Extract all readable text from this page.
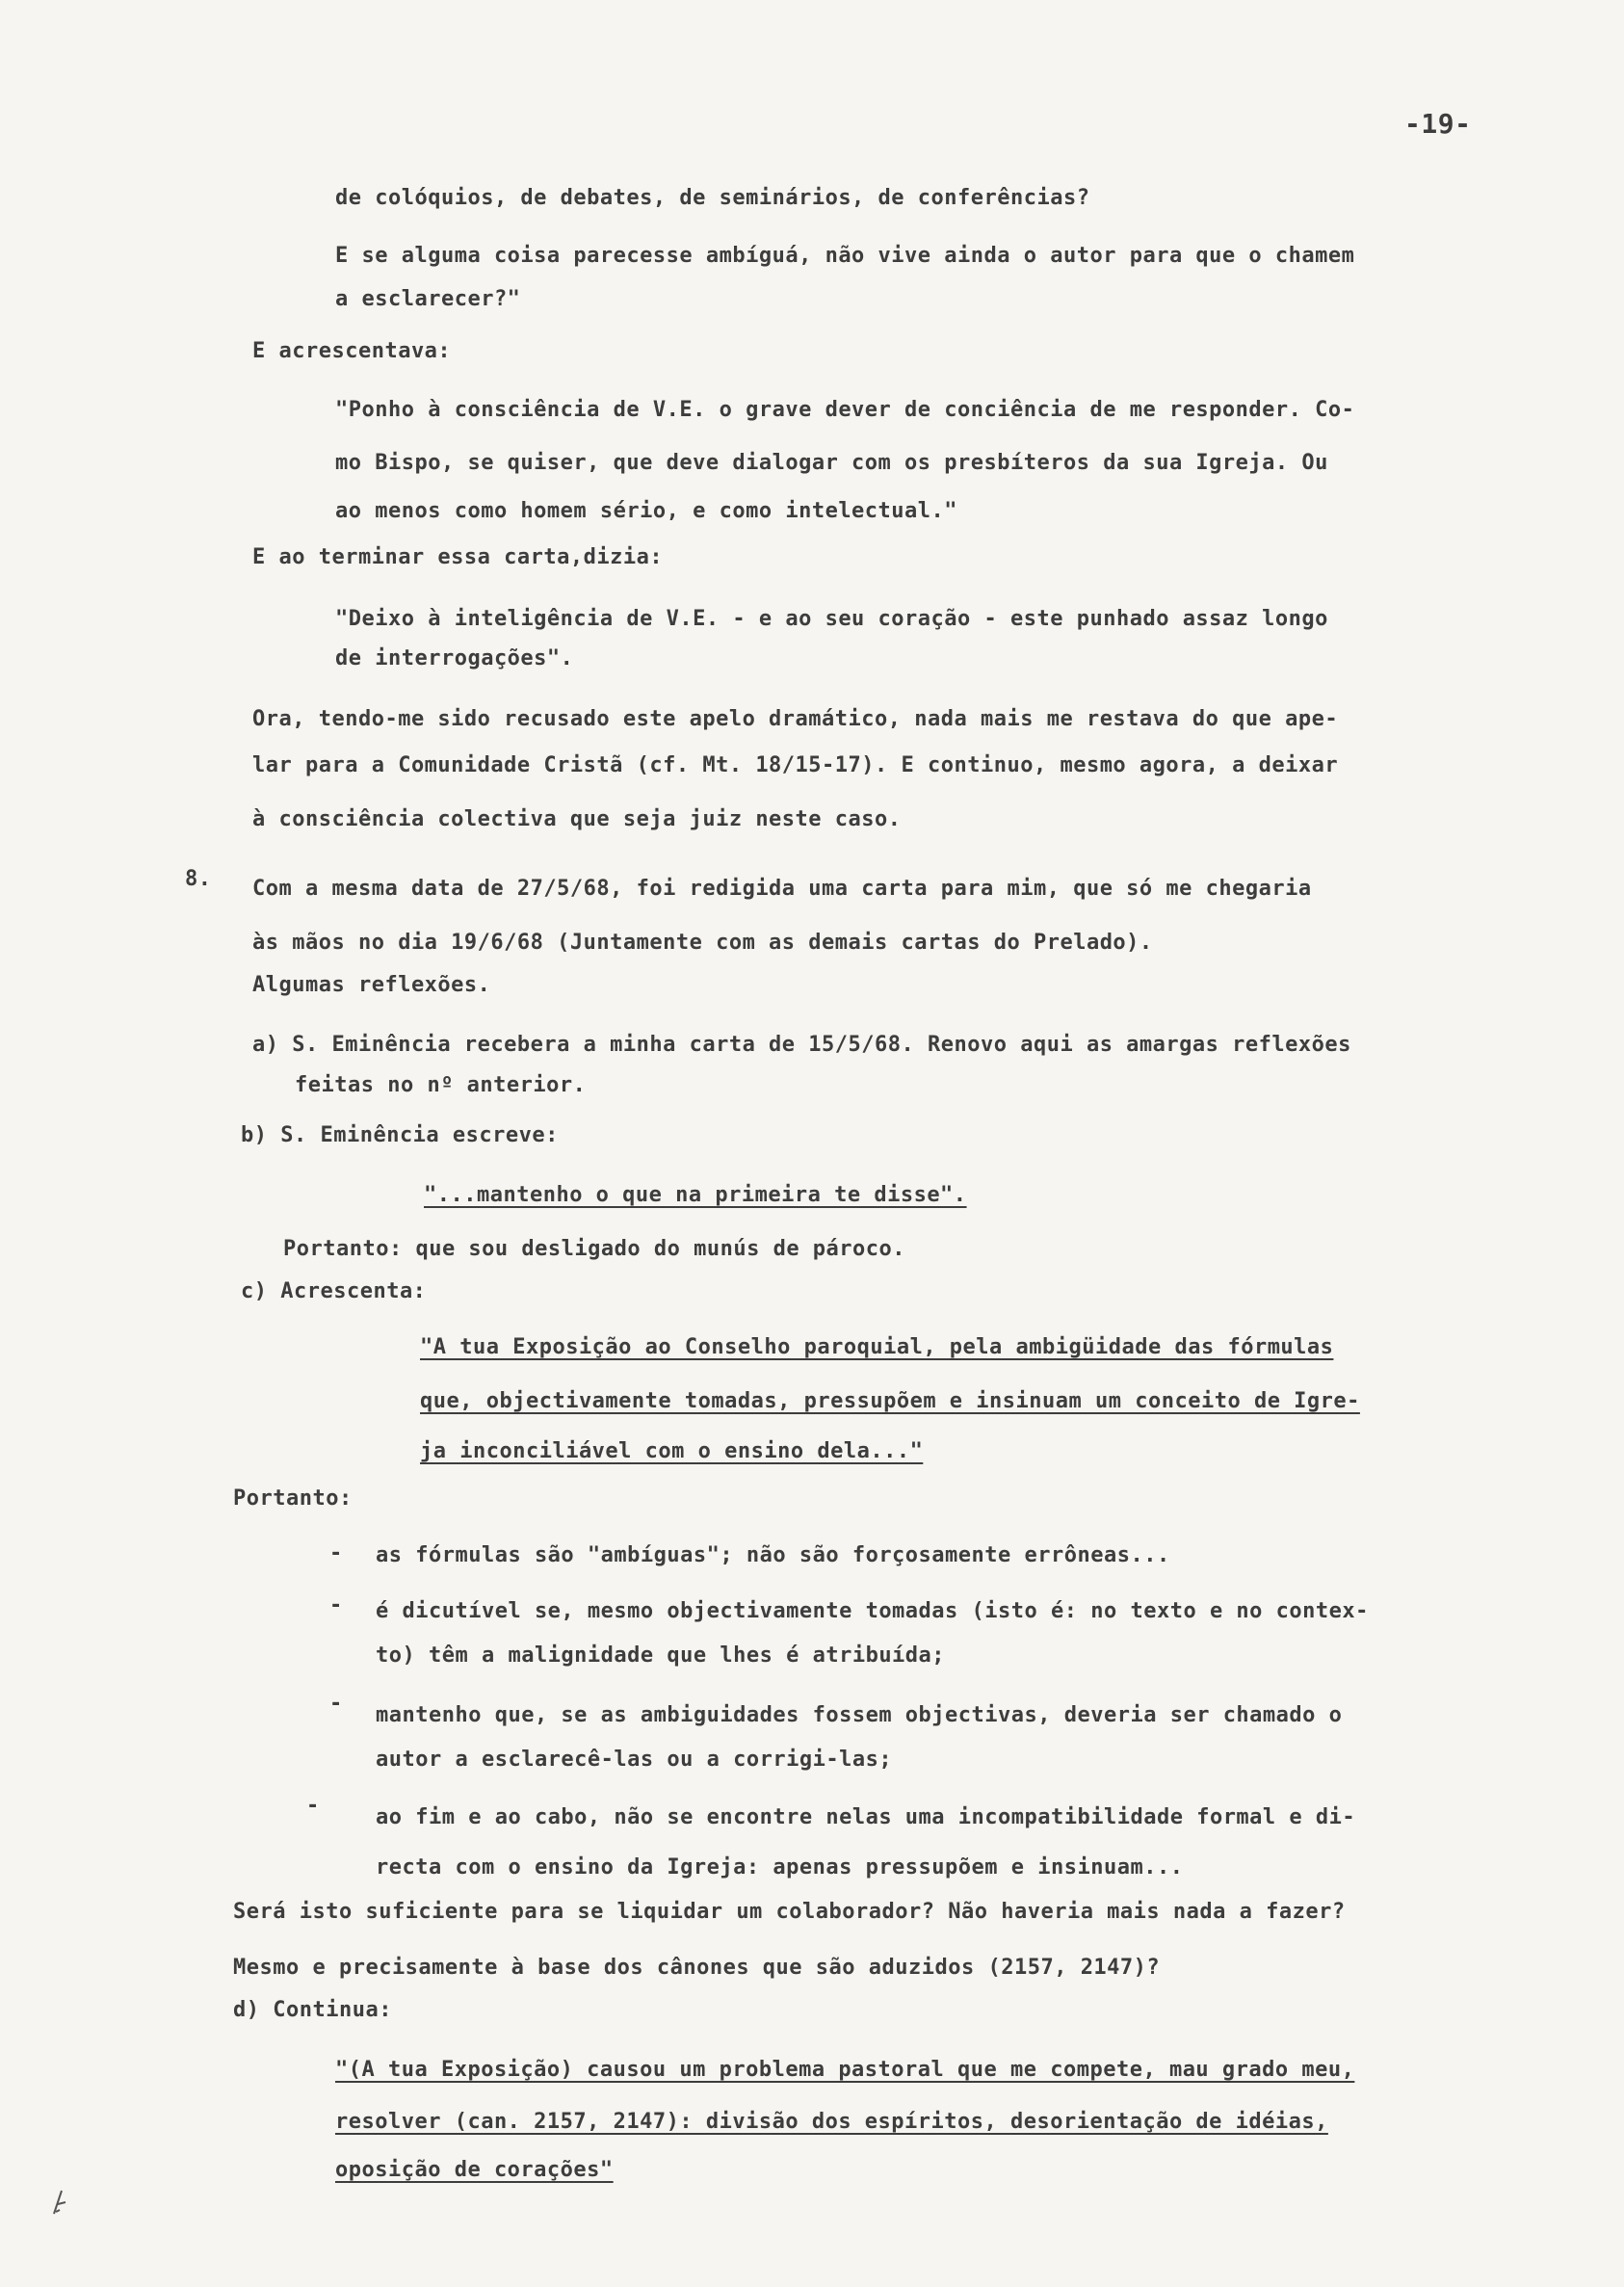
-19-
de colóquios, de debates, de seminários, de conferências?
E se alguma coisa parecesse ambíguá, não vive ainda o autor para que o chamem
a esclarecer?"
E acrescentava:
"Ponho à consciência de V.E. o grave dever de conciência de me responder. Co-
mo Bispo, se quiser, que deve dialogar com os presbíteros da sua Igreja. Ou
ao menos como homem sério, e como intelectual."
E ao terminar essa carta,dizia:
"Deixo à inteligência de V.E. - e ao seu coração - este punhado assaz longo
de interrogações".
Ora, tendo-me sido recusado este apelo dramático, nada mais me restava do que ape-
lar para a Comunidade Cristã (cf. Mt. 18/15-17). E continuo, mesmo agora, a deixar
à consciência colectiva que seja juiz neste caso.
8. Com a mesma data de 27/5/68, foi redigida uma carta para mim, que só me chegaria
às mãos no dia 19/6/68 (Juntamente com as demais cartas do Prelado).
Algumas reflexões.
a) S. Eminência recebera a minha carta de 15/5/68. Renovo aqui as amargas reflexões
feitas no nº anterior.
b) S. Eminência escreve:
"...mantenho o que na primeira te disse".
Portanto: que sou desligado do munús de pároco.
c) Acrescenta:
"A tua Exposição ao Conselho paroquial, pela ambigüidade das fórmulas
que, objectivamente tomadas, pressupõem e insinuam um conceito de Igre-
ja inconciliável com o ensino dela..."
Portanto:
- as fórmulas são "ambíguas"; não são forçosamente errôneas...
- é dicutível se, mesmo objectivamente tomadas (isto é: no texto e no contex-
to) têm a malignidade que lhes é atribuída;
- mantenho que, se as ambiguidades fossem objectivas, deveria ser chamado o
autor a esclarecê-las ou a corrigi-las;
-	ao fim e ao cabo, não se encontre nelas uma incompatibilidade formal e di-
recta com o ensino da Igreja: apenas pressupõem e insinuam...
Será isto suficiente para se liquidar um colaborador? Não haveria mais nada a fazer?
Mesmo e precisamente à base dos cânones que são aduzidos (2157, 2147)?
d) Continua:
"(A tua Exposição) causou um problema pastoral que me compete, mau grado meu,
resolver (can. 2157, 2147): divisão dos espíritos, desorientação de idéias,
oposição de corações"
